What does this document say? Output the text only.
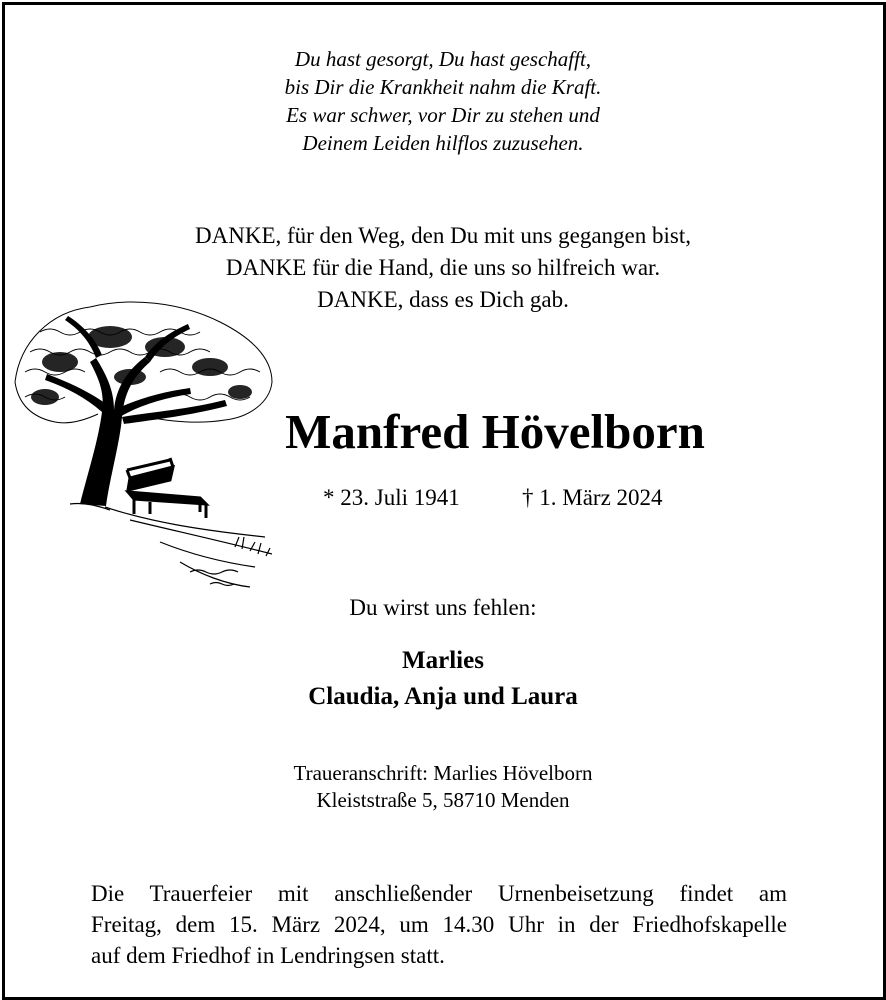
Du hast gesorgt, Du hast geschafft,
bis Dir die Krankheit nahm die Kraft.
Es war schwer, vor Dir zu stehen und
Deinem Leiden hilflos zuzusehen.
DANKE, für den Weg, den Du mit uns gegangen bist,
DANKE für die Hand, die uns so hilfreich war.
DANKE, dass es Dich gab.
Manfred Hövelborn
* 23. Juli 1941	† 1. März 2024
Du wirst uns fehlen:
Marlies
Claudia, Anja und Laura
Traueranschrift: Marlies Hövelborn
Kleiststraße 5, 58710 Menden
Die Trauerfeier mit anschließender Urnenbeisetzung findet am
Freitag, dem 15. März 2024, um 14.30 Uhr in der Friedhofskapelle
auf dem Friedhof in Lendringsen statt.
